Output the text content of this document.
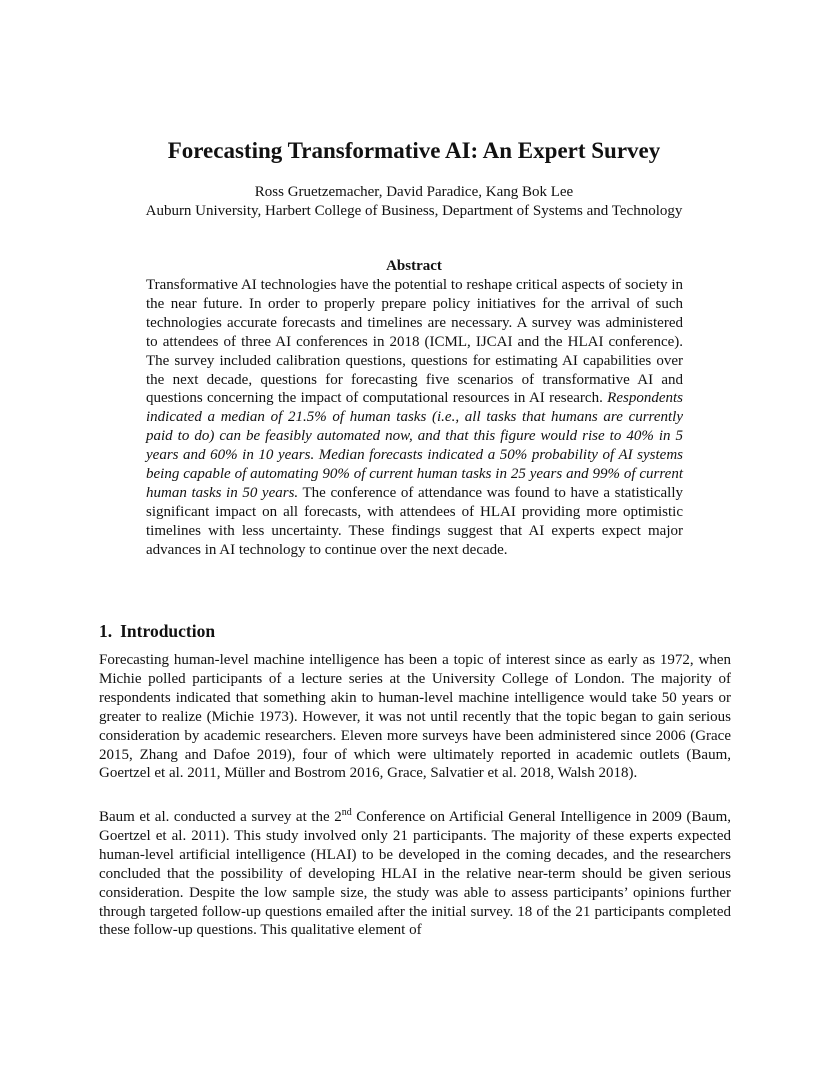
Forecasting Transformative AI: An Expert Survey

Ross Gruetzemacher, David Paradice, Kang Bok Lee

Auburn University, Harbert College of Business, Department of Systems and Technology

Abstract

Transformative AI technologies have the potential to reshape critical aspects of society in the near future. In order to properly prepare policy initiatives for the arrival of such technologies accurate forecasts and timelines are necessary. A survey was administered to attendees of three AI conferences in 2018 (ICML, IJCAI and the HLAI conference). The survey included calibration questions, questions for estimating AI capabilities over the next decade, questions for forecasting five scenarios of transformative AI and questions concerning the impact of computational resources in AI research. Respondents indicated a median of 21.5% of human tasks (i.e., all tasks that humans are currently paid to do) can be feasibly automated now, and that this figure would rise to 40% in 5 years and 60% in 10 years. Median forecasts indicated a 50% probability of AI systems being capable of automating 90% of current human tasks in 25 years and 99% of current human tasks in 50 years. The conference of attendance was found to have a statistically significant impact on all forecasts, with attendees of HLAI providing more optimistic timelines with less uncertainty. These findings suggest that AI experts expect major advances in AI technology to continue over the next decade.

1. Introduction

Forecasting human-level machine intelligence has been a topic of interest since as early as 1972, when Michie polled participants of a lecture series at the University College of London. The majority of respondents indicated that something akin to human-level machine intelligence would take 50 years or greater to realize (Michie 1973). However, it was not until recently that the topic began to gain serious consideration by academic researchers. Eleven more surveys have been administered since 2006 (Grace 2015, Zhang and Dafoe 2019), four of which were ultimately reported in academic outlets (Baum, Goertzel et al. 2011, Müller and Bostrom 2016, Grace, Salvatier et al. 2018, Walsh 2018).

Baum et al. conducted a survey at the 2nd Conference on Artificial General Intelligence in 2009 (Baum, Goertzel et al. 2011). This study involved only 21 participants. The majority of these experts expected human-level artificial intelligence (HLAI) to be developed in the coming decades, and the researchers concluded that the possibility of developing HLAI in the relative near-term should be given serious consideration. Despite the low sample size, the study was able to assess participants’ opinions further through targeted follow-up questions emailed after the initial survey. 18 of the 21 participants completed these follow-up questions. This qualitative element of
